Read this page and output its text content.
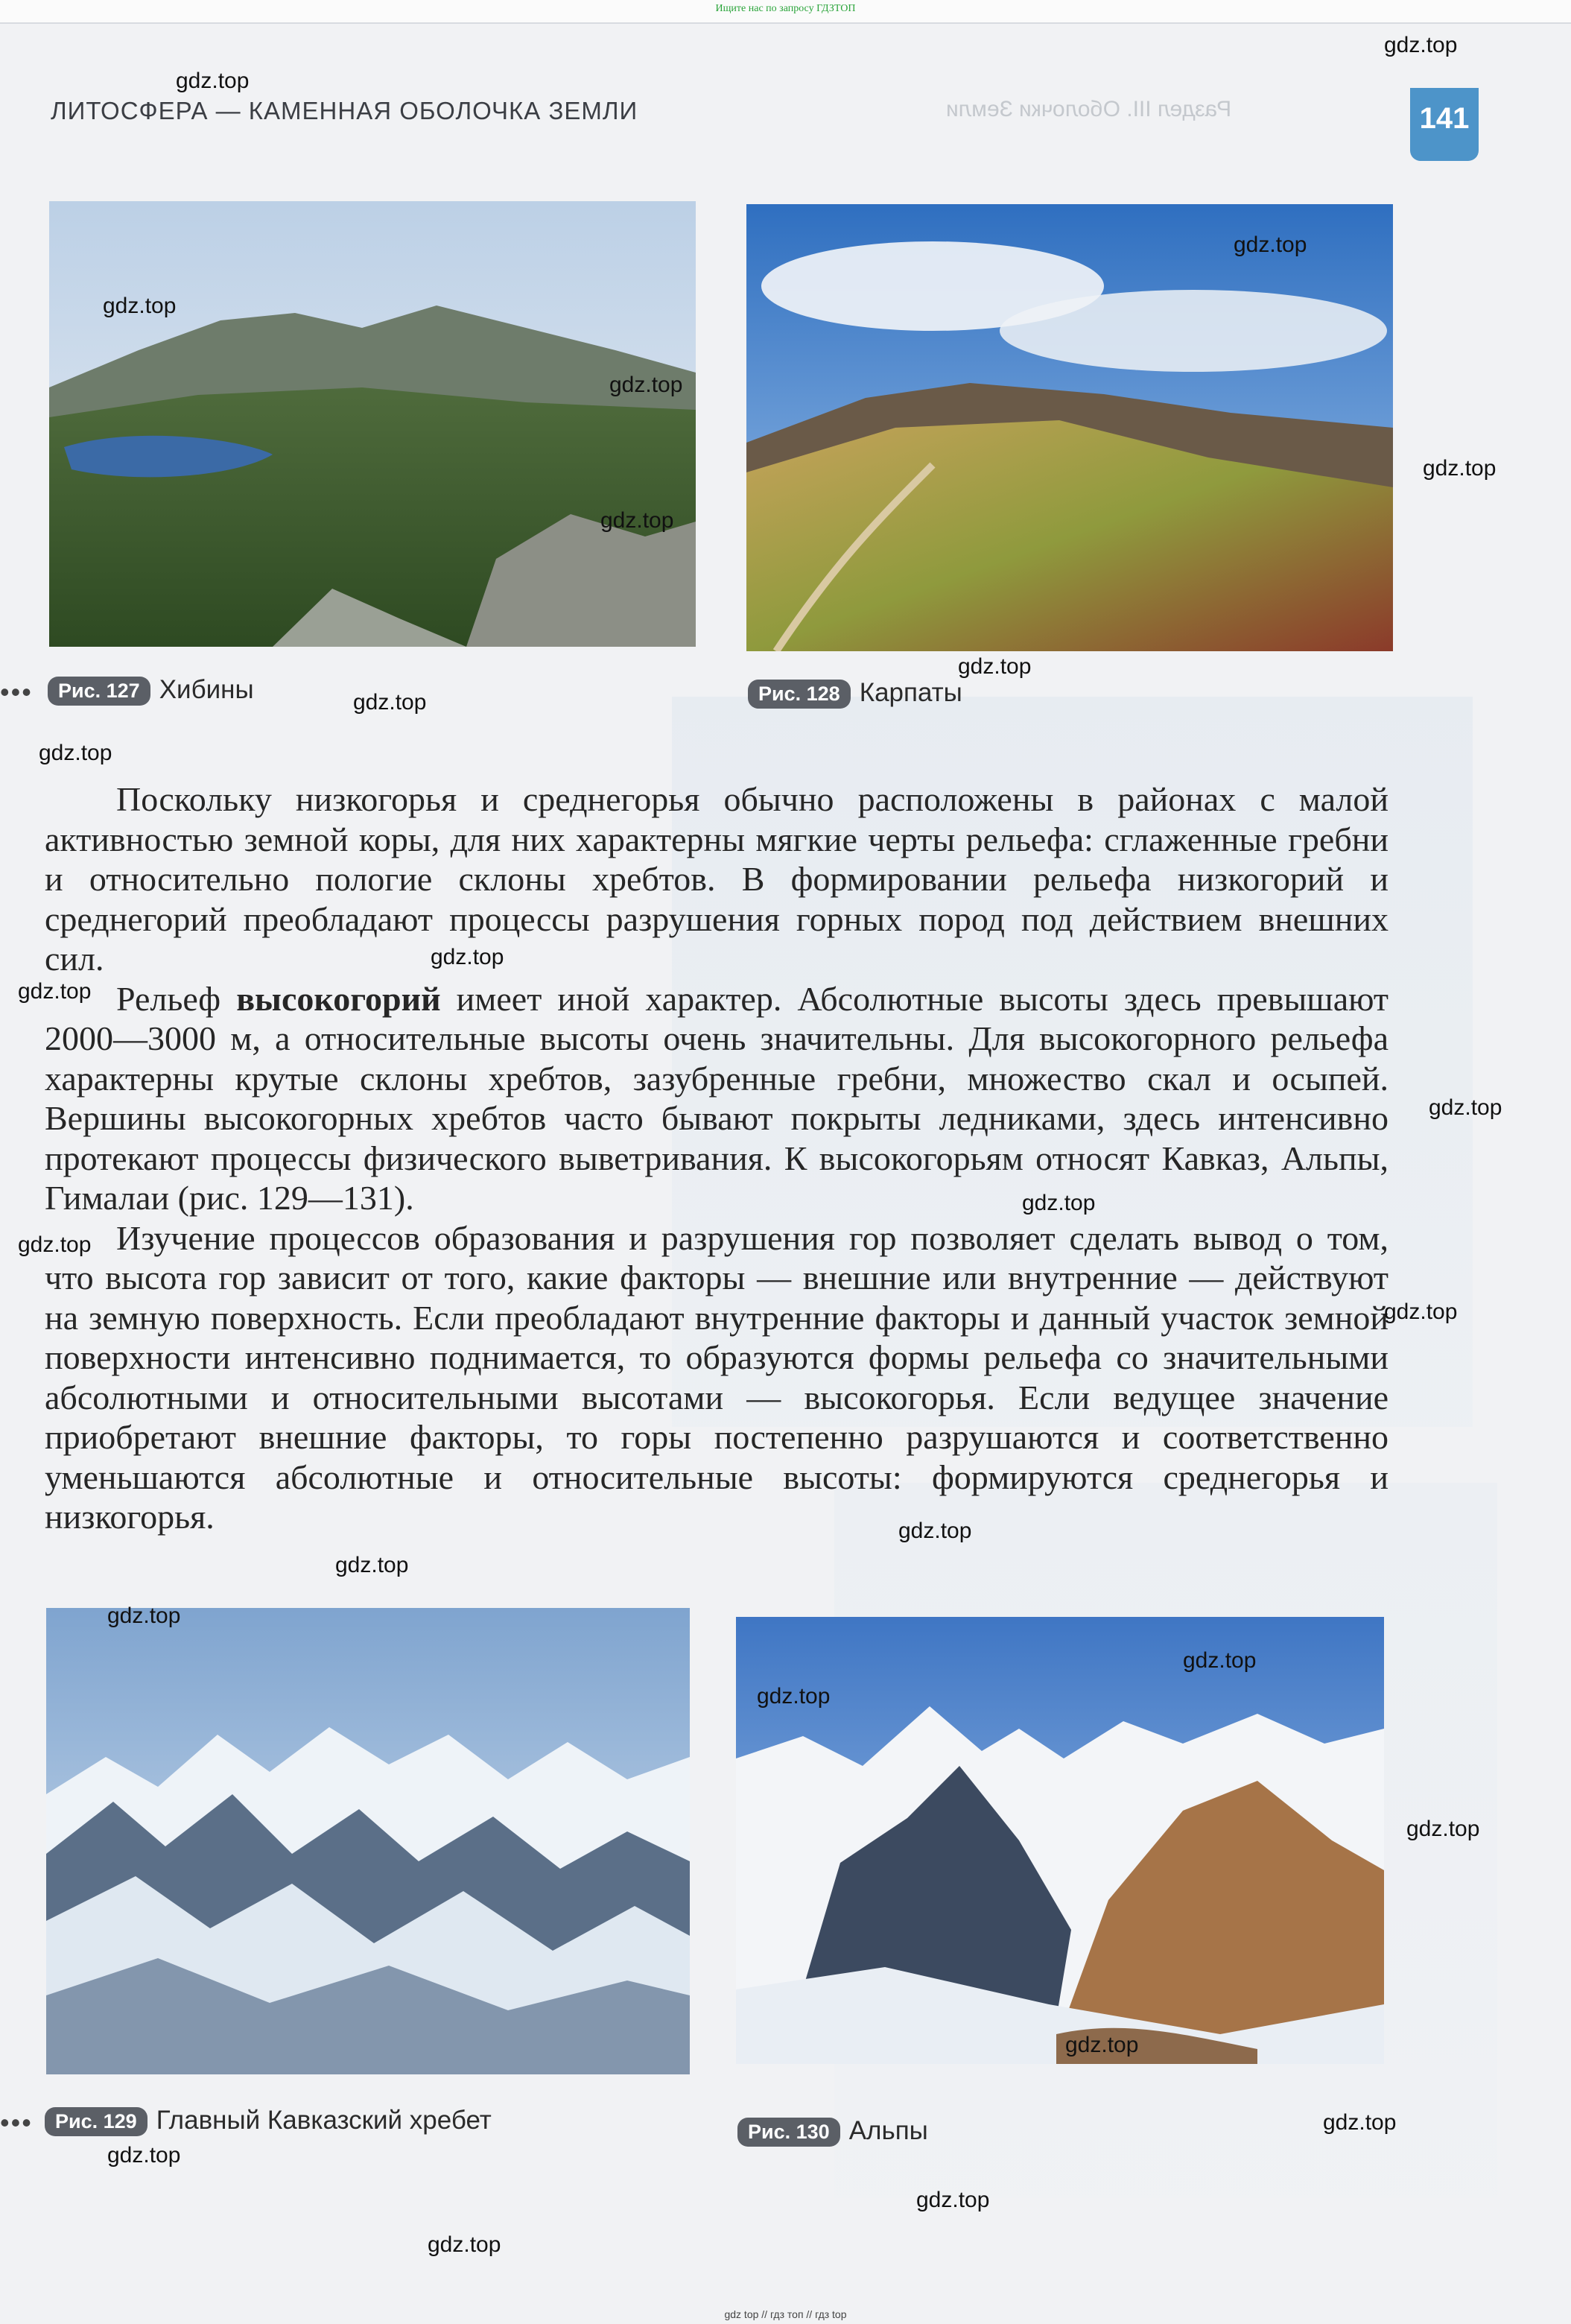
Ищите нас по запросу ГДЗТОП
ЛИТОСФЕРА — КАМЕННАЯ ОБОЛОЧКА ЗЕМЛИ	Раздел III. Оболочки Земли	141
•••	Рис. 127 Хибины	Рис. 128 Карпаты

Поскольку низкогорья и среднегорья обычно расположены в районах с малой активностью земной коры, для них характерны мягкие черты рельефа: сглаженные гребни и относительно пологие склоны хребтов. В формировании рельефа низкогорий и среднегорий преобладают процессы разрушения горных пород под действием внешних сил.

Рельеф высокогорий имеет иной характер. Абсолютные высоты здесь превышают 2000—3000 м, а относительные высоты очень значительны. Для высокогорного рельефа характерны крутые склоны хребтов, зазубренные гребни, множество скал и осыпей. Вершины высокогорных хребтов часто бывают покрыты ледниками, здесь интенсивно протекают процессы физического выветривания. К высокогорьям относят Кавказ, Альпы, Гималаи (рис. 129—131).

Изучение процессов образования и разрушения гор позволяет сделать вывод о том, что высота гор зависит от того, какие факторы — внешние или внутренние — действуют на земную поверхность. Если преобладают внутренние факторы и данный участок земной поверхности интенсивно поднимается, то образуются формы рельефа со значительными абсолютными и относительными высотами — высокогорья. Если ведущее значение приобретают внешние факторы, то горы постепенно разрушаются и соответственно уменьшаются абсолютные и относительные высоты: формируются среднегорья и низкогорья.

•••	Рис. 129 Главный Кавказский хребет	Рис. 130 Альпы
gdz.top
gdz.top
gdz.top
gdz.top
gdz.top
gdz.top
gdz.top
gdz.top
gdz.top
gdz.top
gdz.top
gdz.top
gdz.top
gdz.top
gdz.top
gdz.top
gdz.top
gdz.top
gdz.top
gdz.top
gdz.top
gdz.top
gdz.top
gdz.top
gdz.top
gdz.top
gdz.top
gdz top // гдз топ // гдз top
